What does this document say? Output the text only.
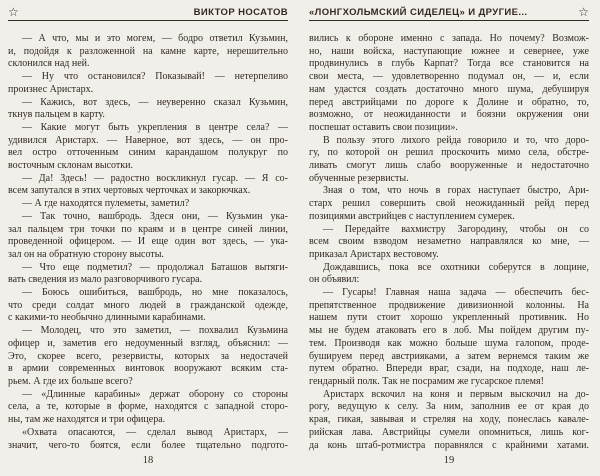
☆	ВИКТОР НОСАТОВ
— А что, мы и это могем, — бодро ответил Кузьмин,
и, подойдя к разложенной на камне карте, нерешительно
склонился над ней.
— Ну что остановился? Показывай! — нетерпеливо
произнес Аристарх.
— Кажись, вот здесь, — неуверенно сказал Кузьмин,
ткнув пальцем в карту.
— Какие могут быть укрепления в центре села? —
удивился Аристарх. — Наверное, вот здесь, — он про-
вел остро отточенным синим карандашом полукруг по
восточным склонам высотки.
— Да! Здесь! — радостно воскликнул гусар. — Я со-
всем запутался в этих чертовых черточках и закорючках.
— А где находятся пулеметы, заметил?
— Так точно, вашбродь. Здеся они, — Кузьмин ука-
зал пальцем три точки по краям и в центре синей линии,
проведенной офицером. — И еще один вот здесь, — ука-
зал он на обратную сторону высоты.
— Что еще подметил? — продолжал Баташов вытяги-
вать сведения из мало разговорчивого гусара.
— Боюсь ошибиться, вашбродь, но мне показалось,
что среди солдат много людей в гражданской одежде,
с какими-то необычно длинными карабинами.
— Молодец, что это заметил, — похвалил Кузьмина
офицер и, заметив его недоуменный взгляд, объяснил: —
Это, скорее всего, резервисты, которых за недостачей
в армии современных винтовок вооружают всяким ста-
рьем. А где их больше всего?
— «Длинные карабины» держат оборону со стороны
села, а те, которые в форме, находятся с западной сторо-
ны, там же находятся и три офицера.
«Охвата опасаются, — сделал вывод Аристарх, —
значит, чего-то боятся, если более тщательно подгото-
18
«ЛОНГХОЛЬМСКИЙ СИДЕЛЕЦ» И ДРУГИЕ...	☆
вились к обороне именно с запада. Но почему? Возмож-
но, наши войска, наступающие южнее и севернее, уже
продвинулись в глубь Карпат? Тогда все становится на
свои места, — удовлетворенно подумал он, — и, если
нам удастся создать достаточно много шума, дебушируя
перед австрийцами по дороге к Долине и обратно, то,
возможно, от неожиданности и боязни окружения они
поспешат оставить свои позиции».
В пользу этого лихого рейда говорило и то, что доро-
гу, по которой он решил проскочить мимо села, обстре-
ливать смогут лишь слабо вооруженные и недостаточно
обученные резервисты.
Зная о том, что ночь в горах наступает быстро, Ари-
старх решил совершить свой неожиданный рейд перед
позициями австрийцев с наступлением сумерек.
— Передайте вахмистру Загородину, чтобы он со
всем своим взводом незаметно направлялся ко мне, —
приказал Аристарх вестовому.
Дождавшись, пока все охотники соберутся в лощине,
он объявил:
— Гусары! Главная наша задача — обеспечить бес-
препятственное продвижение дивизионной колонны. На
нашем пути стоит хорошо укрепленный противник. Но
мы не будем атаковать его в лоб. Мы пойдем другим пу-
тем. Производя как можно больше шума галопом, проде-
бушируем перед австрияками, а затем вернемся таким же
путем обратно. Впереди враг, сзади, на подходе, наш ле-
гендарный полк. Так не посрамим же гусарское племя!
Аристарх вскочил на коня и первым выскочил на до-
рогу, ведущую к селу. За ним, заполнив ее от края до
края, гикая, завывая и стреляя на ходу, понеслась кавале-
рийская лава. Австрийцы сумели опомниться, лишь ког-
да конь штаб-ротмистра поравнялся с крайними хатами.
19
